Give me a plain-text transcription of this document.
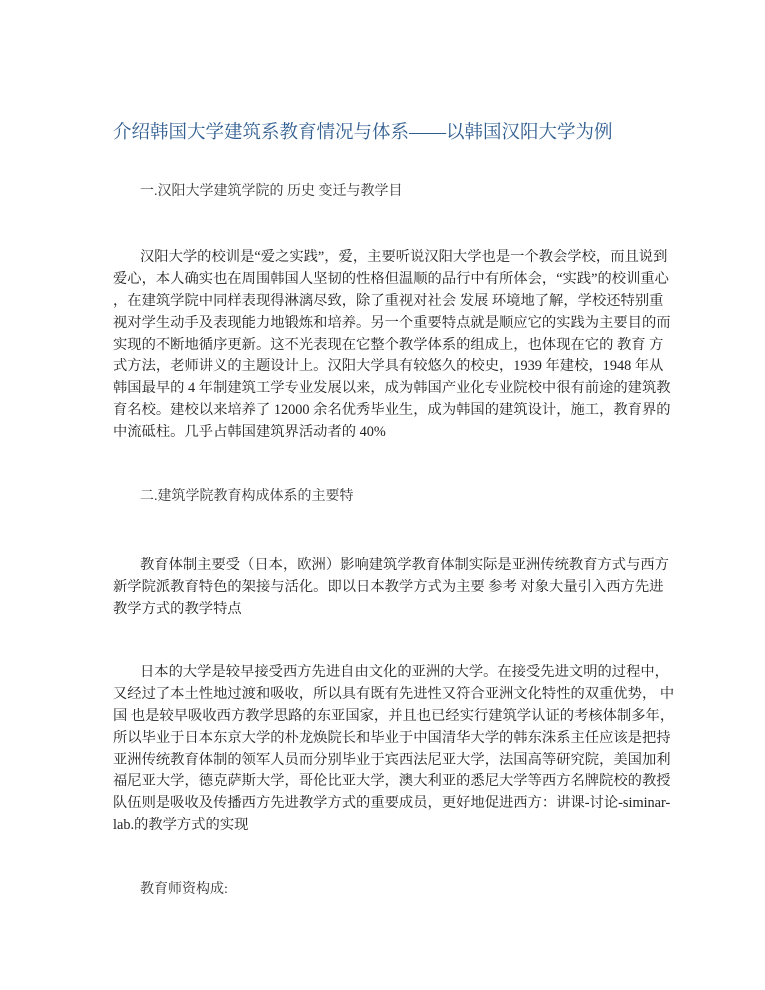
介绍韩国大学建筑系教育情况与体系——以韩国汉阳大学为例
一.汉阳大学建筑学院的 历史 变迁与教学目
汉阳大学的校训是“爱之实践”，爱，主要听说汉阳大学也是一个教会学校，而且说到
爱心，本人确实也在周围韩国人坚韧的性格但温顺的品行中有所体会，“实践”的校训重心
，在建筑学院中同样表现得淋漓尽致，除了重视对社会 发展 环境地了解，学校还特别重
视对学生动手及表现能力地锻炼和培养。另一个重要特点就是顺应它的实践为主要目的而
实现的不断地循序更新。这不光表现在它整个教学体系的组成上，也体现在它的 教育 方
式方法，老师讲义的主题设计上。汉阳大学具有较悠久的校史，1939 年建校，1948 年从
韩国最早的 4 年制建筑工学专业发展以来，成为韩国产业化专业院校中很有前途的建筑教
育名校。建校以来培养了 12000 余名优秀毕业生，成为韩国的建筑设计，施工，教育界的
中流砥柱。几乎占韩国建筑界活动者的 40%
二.建筑学院教育构成体系的主要特
教育体制主要受（日本，欧洲）影响建筑学教育体制实际是亚洲传统教育方式与西方
新学院派教育特色的架接与活化。即以日本教学方式为主要 参考 对象大量引入西方先进
教学方式的教学特点
日本的大学是较早接受西方先进自由文化的亚洲的大学。在接受先进文明的过程中，
又经过了本土性地过渡和吸收，所以具有既有先进性又符合亚洲文化特性的双重优势， 中
国 也是较早吸收西方教学思路的东亚国家，并且也已经实行建筑学认证的考核体制多年，
所以毕业于日本东京大学的朴龙焕院长和毕业于中国清华大学的韩东洙系主任应该是把持
亚洲传统教育体制的领军人员而分别毕业于宾西法尼亚大学，法国高等研究院，美国加利
福尼亚大学，德克萨斯大学，哥伦比亚大学，澳大利亚的悉尼大学等西方名牌院校的教授
队伍则是吸收及传播西方先进教学方式的重要成员，更好地促进西方：讲课-讨论-siminar-
lab.的教学方式的实现
教育师资构成:
